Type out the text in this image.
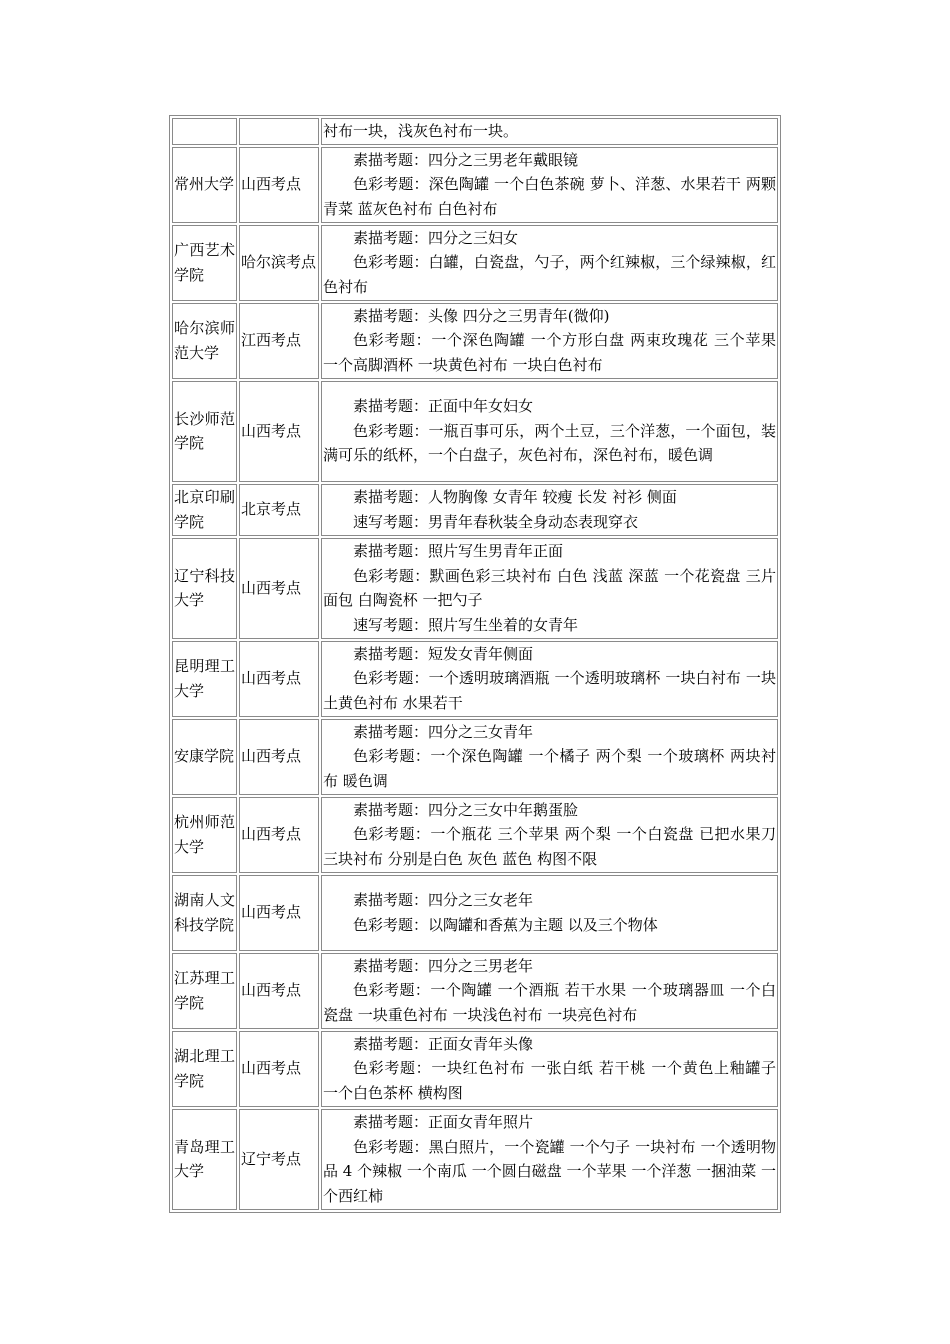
		衬布一块，浅灰色衬布一块。

常州大学	山西考点	素描考题：四分之三男老年戴眼镜
色彩考题：深色陶罐 一个白色茶碗 萝卜、洋葱、水果若干 两颗青菜 蓝灰色衬布 白色衬布

广西艺术学院	哈尔滨考点	素描考题：四分之三妇女
色彩考题：白罐，白瓷盘，勺子，两个红辣椒，三个绿辣椒，红色衬布

哈尔滨师范大学	江西考点	素描考题：头像 四分之三男青年(微仰)
色彩考题：一个深色陶罐 一个方形白盘 两束玫瑰花 三个苹果 一个高脚酒杯 一块黄色衬布 一块白色衬布

长沙师范学院	山西考点	素描考题：正面中年女妇女
色彩考题：一瓶百事可乐，两个土豆，三个洋葱，一个面包，装满可乐的纸杯，一个白盘子，灰色衬布，深色衬布，暖色调

北京印刷学院	北京考点	素描考题：人物胸像 女青年 较瘦 长发 衬衫 侧面
速写考题：男青年春秋装全身动态表现穿衣

辽宁科技大学	山西考点	素描考题：照片写生男青年正面
色彩考题：默画色彩三块衬布 白色 浅蓝 深蓝 一个花瓷盘 三片面包 白陶瓷杯 一把勺子
速写考题：照片写生坐着的女青年

昆明理工大学	山西考点	素描考题：短发女青年侧面
色彩考题：一个透明玻璃酒瓶 一个透明玻璃杯 一块白衬布 一块土黄色衬布 水果若干

安康学院	山西考点	素描考题：四分之三女青年
色彩考题：一个深色陶罐 一个橘子 两个梨 一个玻璃杯 两块衬布 暖色调

杭州师范大学	山西考点	素描考题：四分之三女中年鹅蛋脸
色彩考题：一个瓶花 三个苹果 两个梨 一个白瓷盘 已把水果刀三块衬布 分别是白色 灰色 蓝色 构图不限

湖南人文科技学院	山西考点	素描考题：四分之三女老年
色彩考题：以陶罐和香蕉为主题 以及三个物体

江苏理工学院	山西考点	素描考题：四分之三男老年
色彩考题：一个陶罐 一个酒瓶 若干水果 一个玻璃器皿 一个白瓷盘 一块重色衬布 一块浅色衬布 一块亮色衬布

湖北理工学院	山西考点	素描考题：正面女青年头像
色彩考题：一块红色衬布 一张白纸 若干桃 一个黄色上釉罐子 一个白色茶杯 横构图

青岛理工大学	辽宁考点	素描考题：正面女青年照片
色彩考题：黑白照片，一个瓷罐 一个勺子 一块衬布 一个透明物品 4 个辣椒 一个南瓜 一个圆白磁盘 一个苹果 一个洋葱 一捆油菜 一个西红柿
